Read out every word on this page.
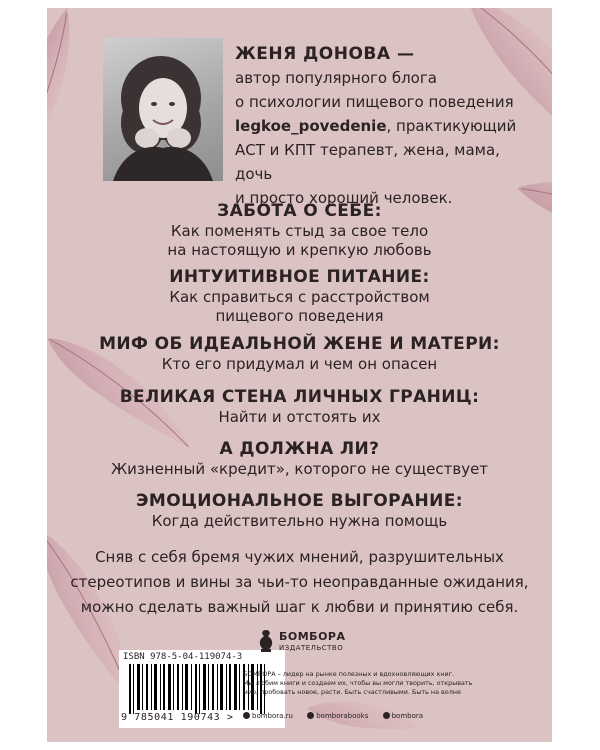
ЖЕНЯ ДОНОВА —
автор популярного блога
о психологии пищевого поведения
legkoe_povedenie, практикующий
АСТ и КПТ терапевт, жена, мама, дочь
и просто хороший человек.
ЗАБОТА О СЕБЕ:
Как поменять стыд за свое тело
на настоящую и крепкую любовь
ИНТУИТИВНОЕ ПИТАНИЕ:
Как справиться с расстройством
пищевого поведения
МИФ ОБ ИДЕАЛЬНОЙ ЖЕНЕ И МАТЕРИ:
Кто его придумал и чем он опасен
ВЕЛИКАЯ СТЕНА ЛИЧНЫХ ГРАНИЦ:
Найти и отстоять их
А ДОЛЖНА ЛИ?
Жизненный «кредит», которого не существует
ЭМОЦИОНАЛЬНОЕ ВЫГОРАНИЕ:
Когда действительно нужна помощь
Сняв с себя бремя чужих мнений, разрушительных
стереотипов и вины за чьи-то неоправданные ожидания,
можно сделать важный шаг к любви и принятию себя.
ISBN 978-5-04-119074-3
9 785041 190743 >
БОМБОРА
ИЗДАТЕЛЬСТВО
БОМБОРА – лидер на рынке полезных и вдохновляющих книг.
Мы любим книги и создаем их, чтобы вы могли творить, открывать
мир, пробовать новое, расти. Быть счастливыми. Быть на волне
bombora.ru	bomborabooks	bombora
